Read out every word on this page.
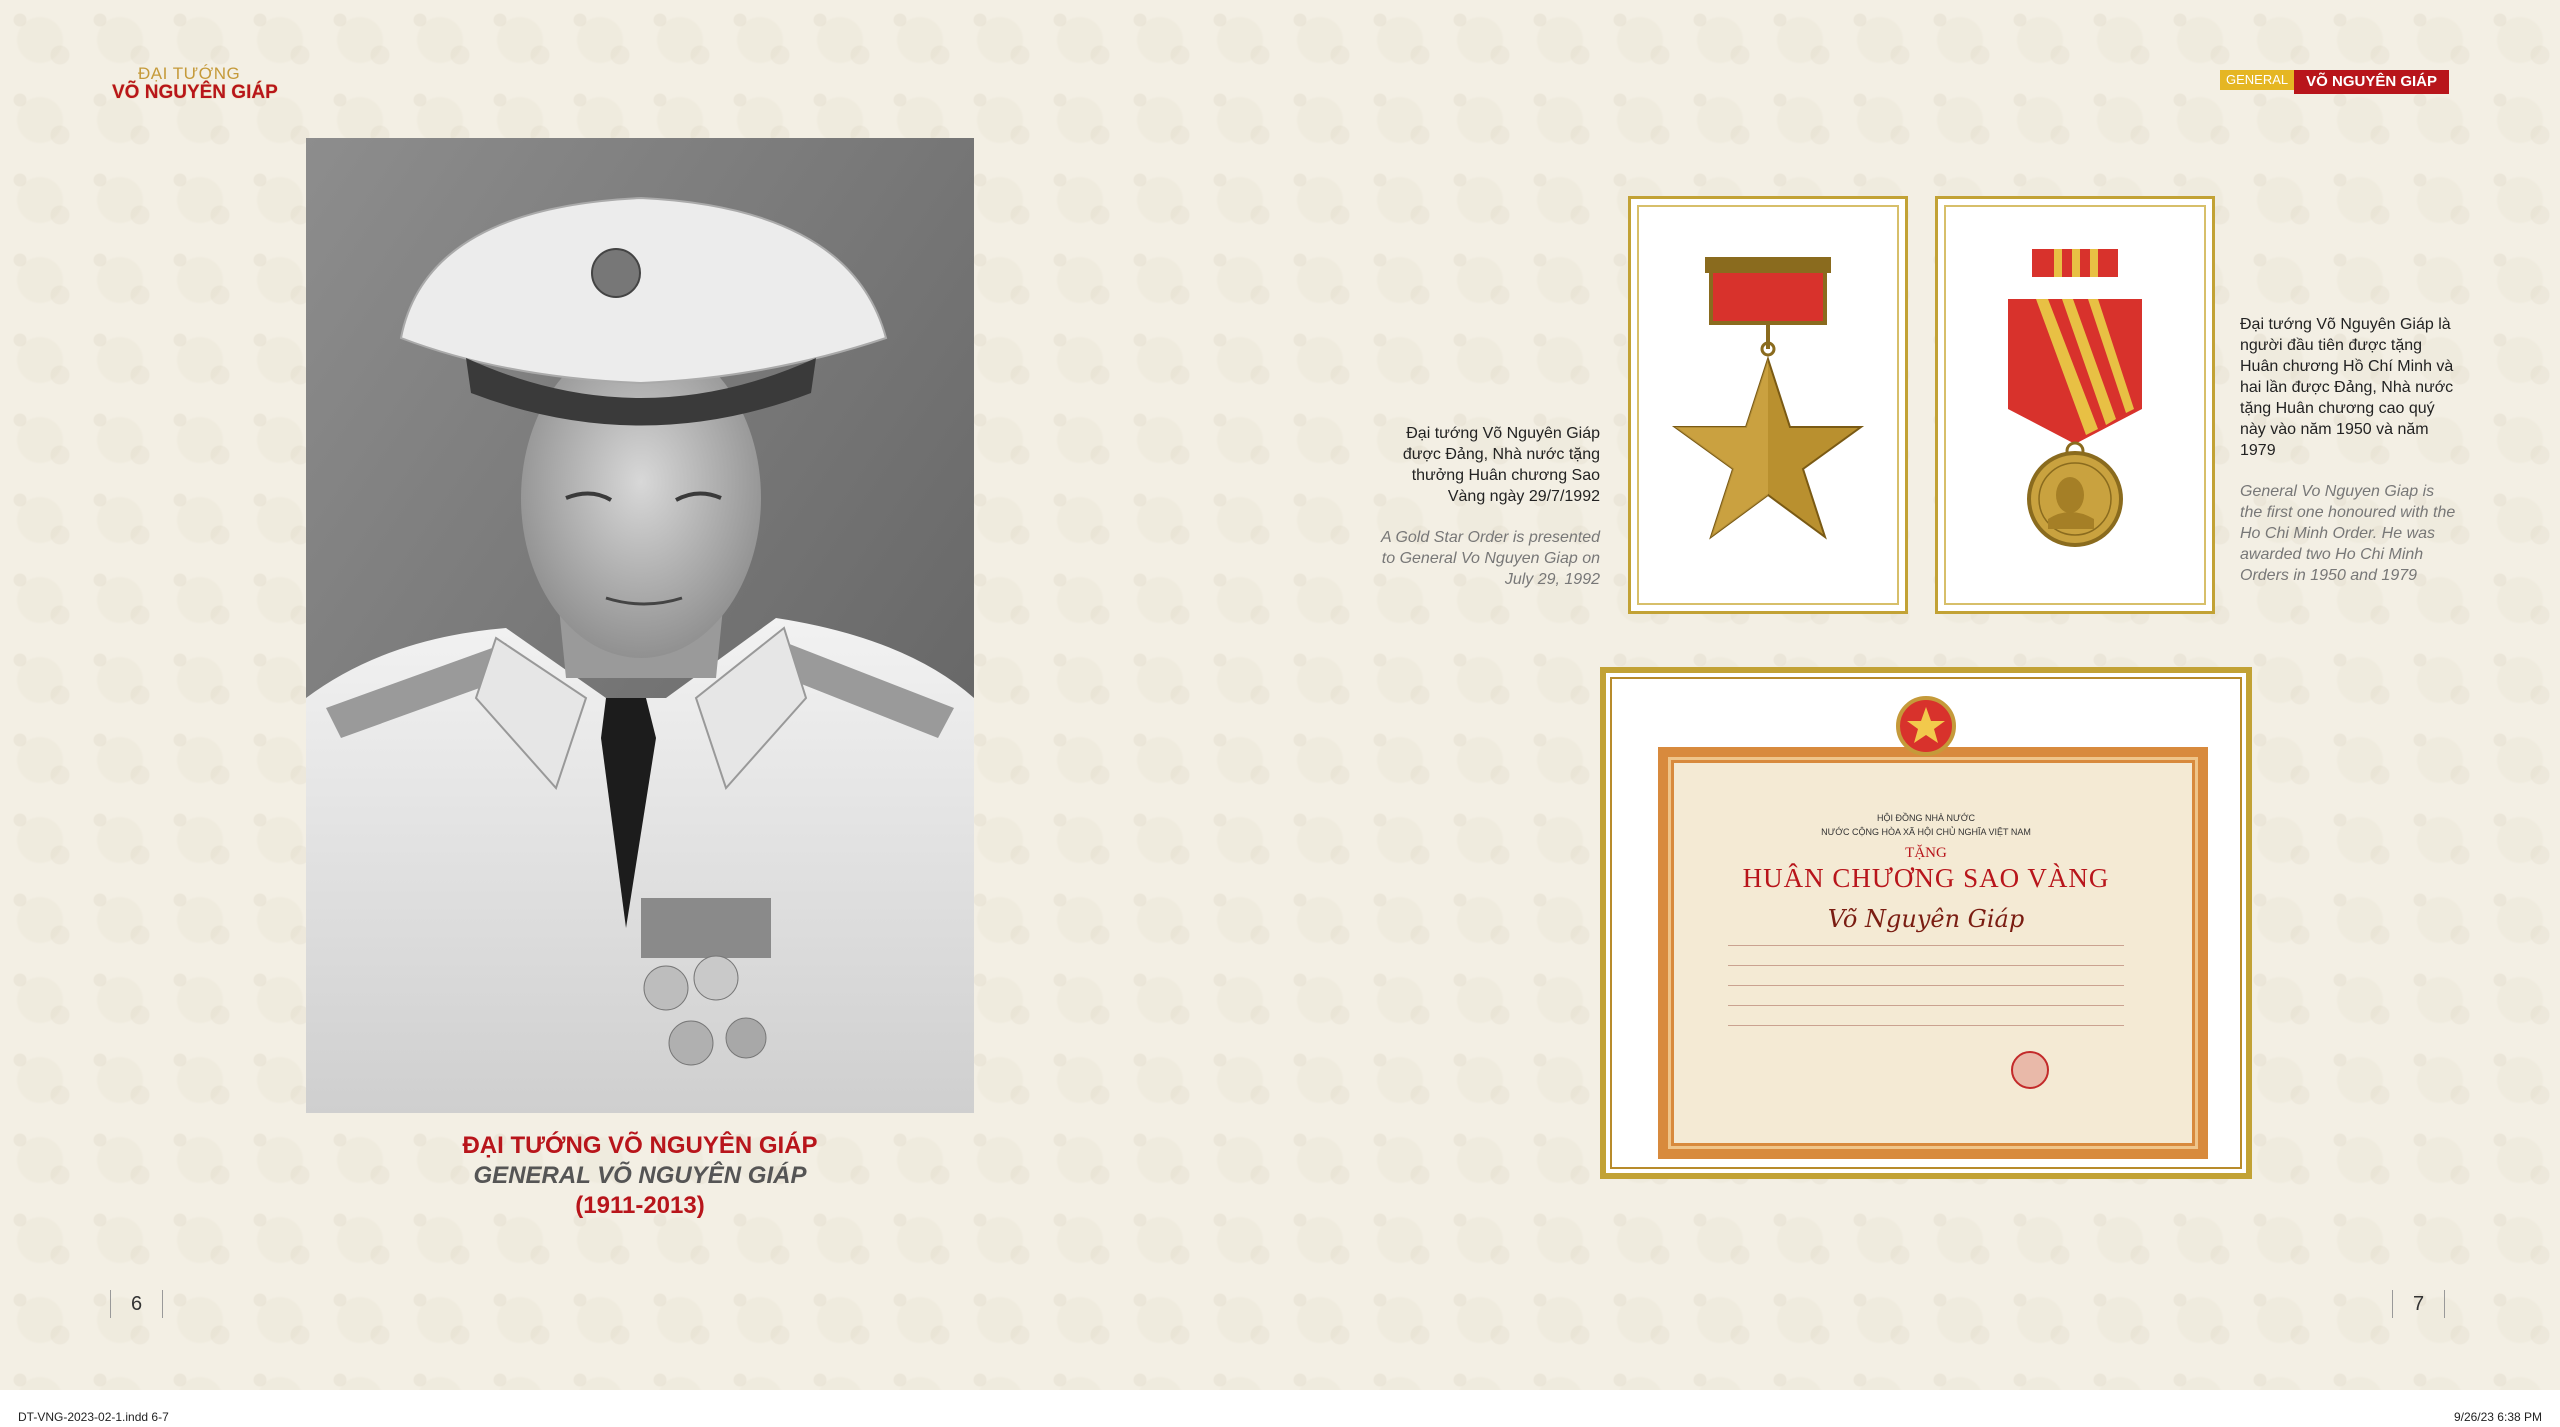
ĐẠI TƯỚNG
VÕ NGUYÊN GIÁP
GENERAL	VÕ NGUYÊN GIÁP
ĐẠI TƯỚNG VÕ NGUYÊN GIÁP
GENERAL VÕ NGUYÊN GIÁP
(1911-2013)
6	7
Đại tướng Võ Nguyên Giáp được Đảng, Nhà nước tặng thưởng Huân chương Sao Vàng ngày 29/7/1992
A Gold Star Order is presented to General Vo Nguyen Giap on July 29, 1992
Đại tướng Võ Nguyên Giáp là người đầu tiên được tặng Huân chương Hồ Chí Minh và hai lần được Đảng, Nhà nước tặng Huân chương cao quý này vào năm 1950 và năm 1979
General Vo Nguyen Giap is the first one honoured with the Ho Chi Minh Order. He was awarded two Ho Chi Minh Orders in 1950 and 1979
HỘI ĐỒNG NHÀ NƯỚC
NƯỚC CỘNG HÒA XÃ HỘI CHỦ NGHĨA VIỆT NAM
TẶNG
HUÂN CHƯƠNG SAO VÀNG
Võ Nguyên Giáp
DT-VNG-2023-02-1.indd 6-7	9/26/23 6:38 PM
